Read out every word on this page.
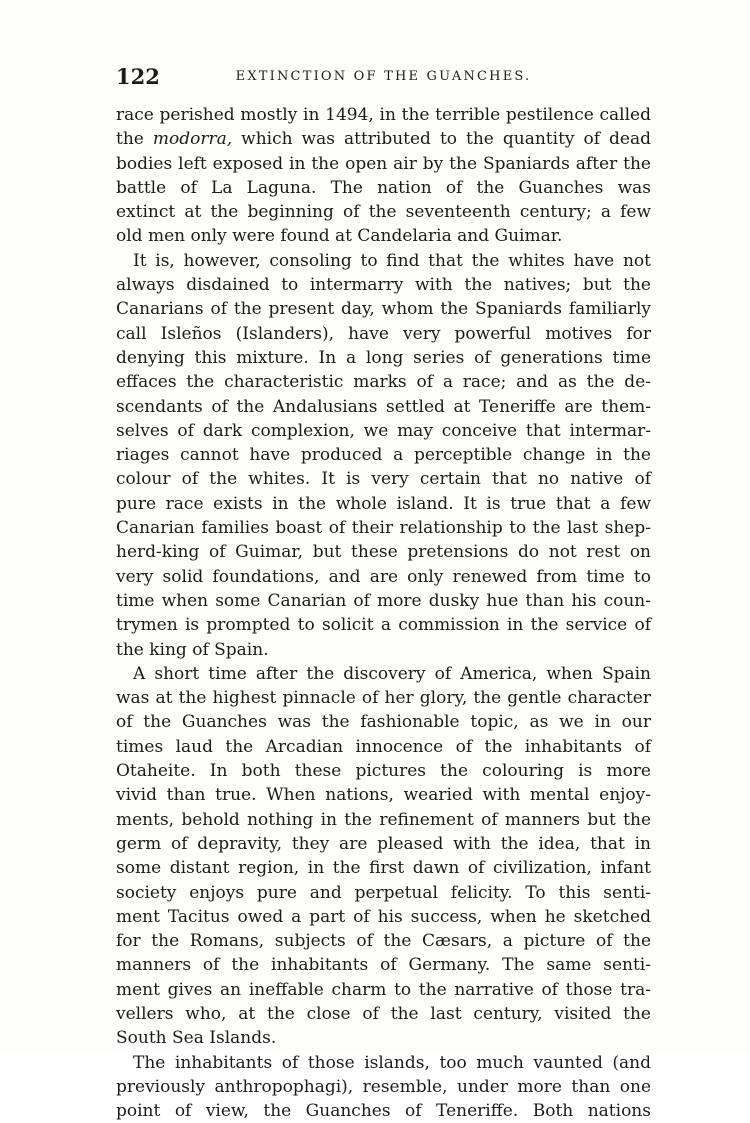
122	EXTINCTION OF THE GUANCHES.
race perished mostly in 1494, in the terrible pestilence called
the modorra, which was attributed to the quantity of dead
bodies left exposed in the open air by the Spaniards after the
battle of La Laguna. The nation of the Guanches was
extinct at the beginning of the seventeenth century; a few
old men only were found at Candelaria and Guimar.
It is, however, consoling to find that the whites have not
always disdained to intermarry with the natives; but the
Canarians of the present day, whom the Spaniards familiarly
call Isleños (Islanders), have very powerful motives for
denying this mixture. In a long series of generations time
effaces the characteristic marks of a race; and as the de-
scendants of the Andalusians settled at Teneriffe are them-
selves of dark complexion, we may conceive that intermar-
riages cannot have produced a perceptible change in the
colour of the whites. It is very certain that no native of
pure race exists in the whole island. It is true that a few
Canarian families boast of their relationship to the last shep-
herd-king of Guimar, but these pretensions do not rest on
very solid foundations, and are only renewed from time to
time when some Canarian of more dusky hue than his coun-
trymen is prompted to solicit a commission in the service of
the king of Spain.
A short time after the discovery of America, when Spain
was at the highest pinnacle of her glory, the gentle character
of the Guanches was the fashionable topic, as we in our
times laud the Arcadian innocence of the inhabitants of
Otaheite. In both these pictures the colouring is more
vivid than true. When nations, wearied with mental enjoy-
ments, behold nothing in the refinement of manners but the
germ of depravity, they are pleased with the idea, that in
some distant region, in the first dawn of civilization, infant
society enjoys pure and perpetual felicity. To this senti-
ment Tacitus owed a part of his success, when he sketched
for the Romans, subjects of the Cæsars, a picture of the
manners of the inhabitants of Germany. The same senti-
ment gives an ineffable charm to the narrative of those tra-
vellers who, at the close of the last century, visited the
South Sea Islands.
The inhabitants of those islands, too much vaunted (and
previously anthropophagi), resemble, under more than one
point of view, the Guanches of Teneriffe. Both nations
